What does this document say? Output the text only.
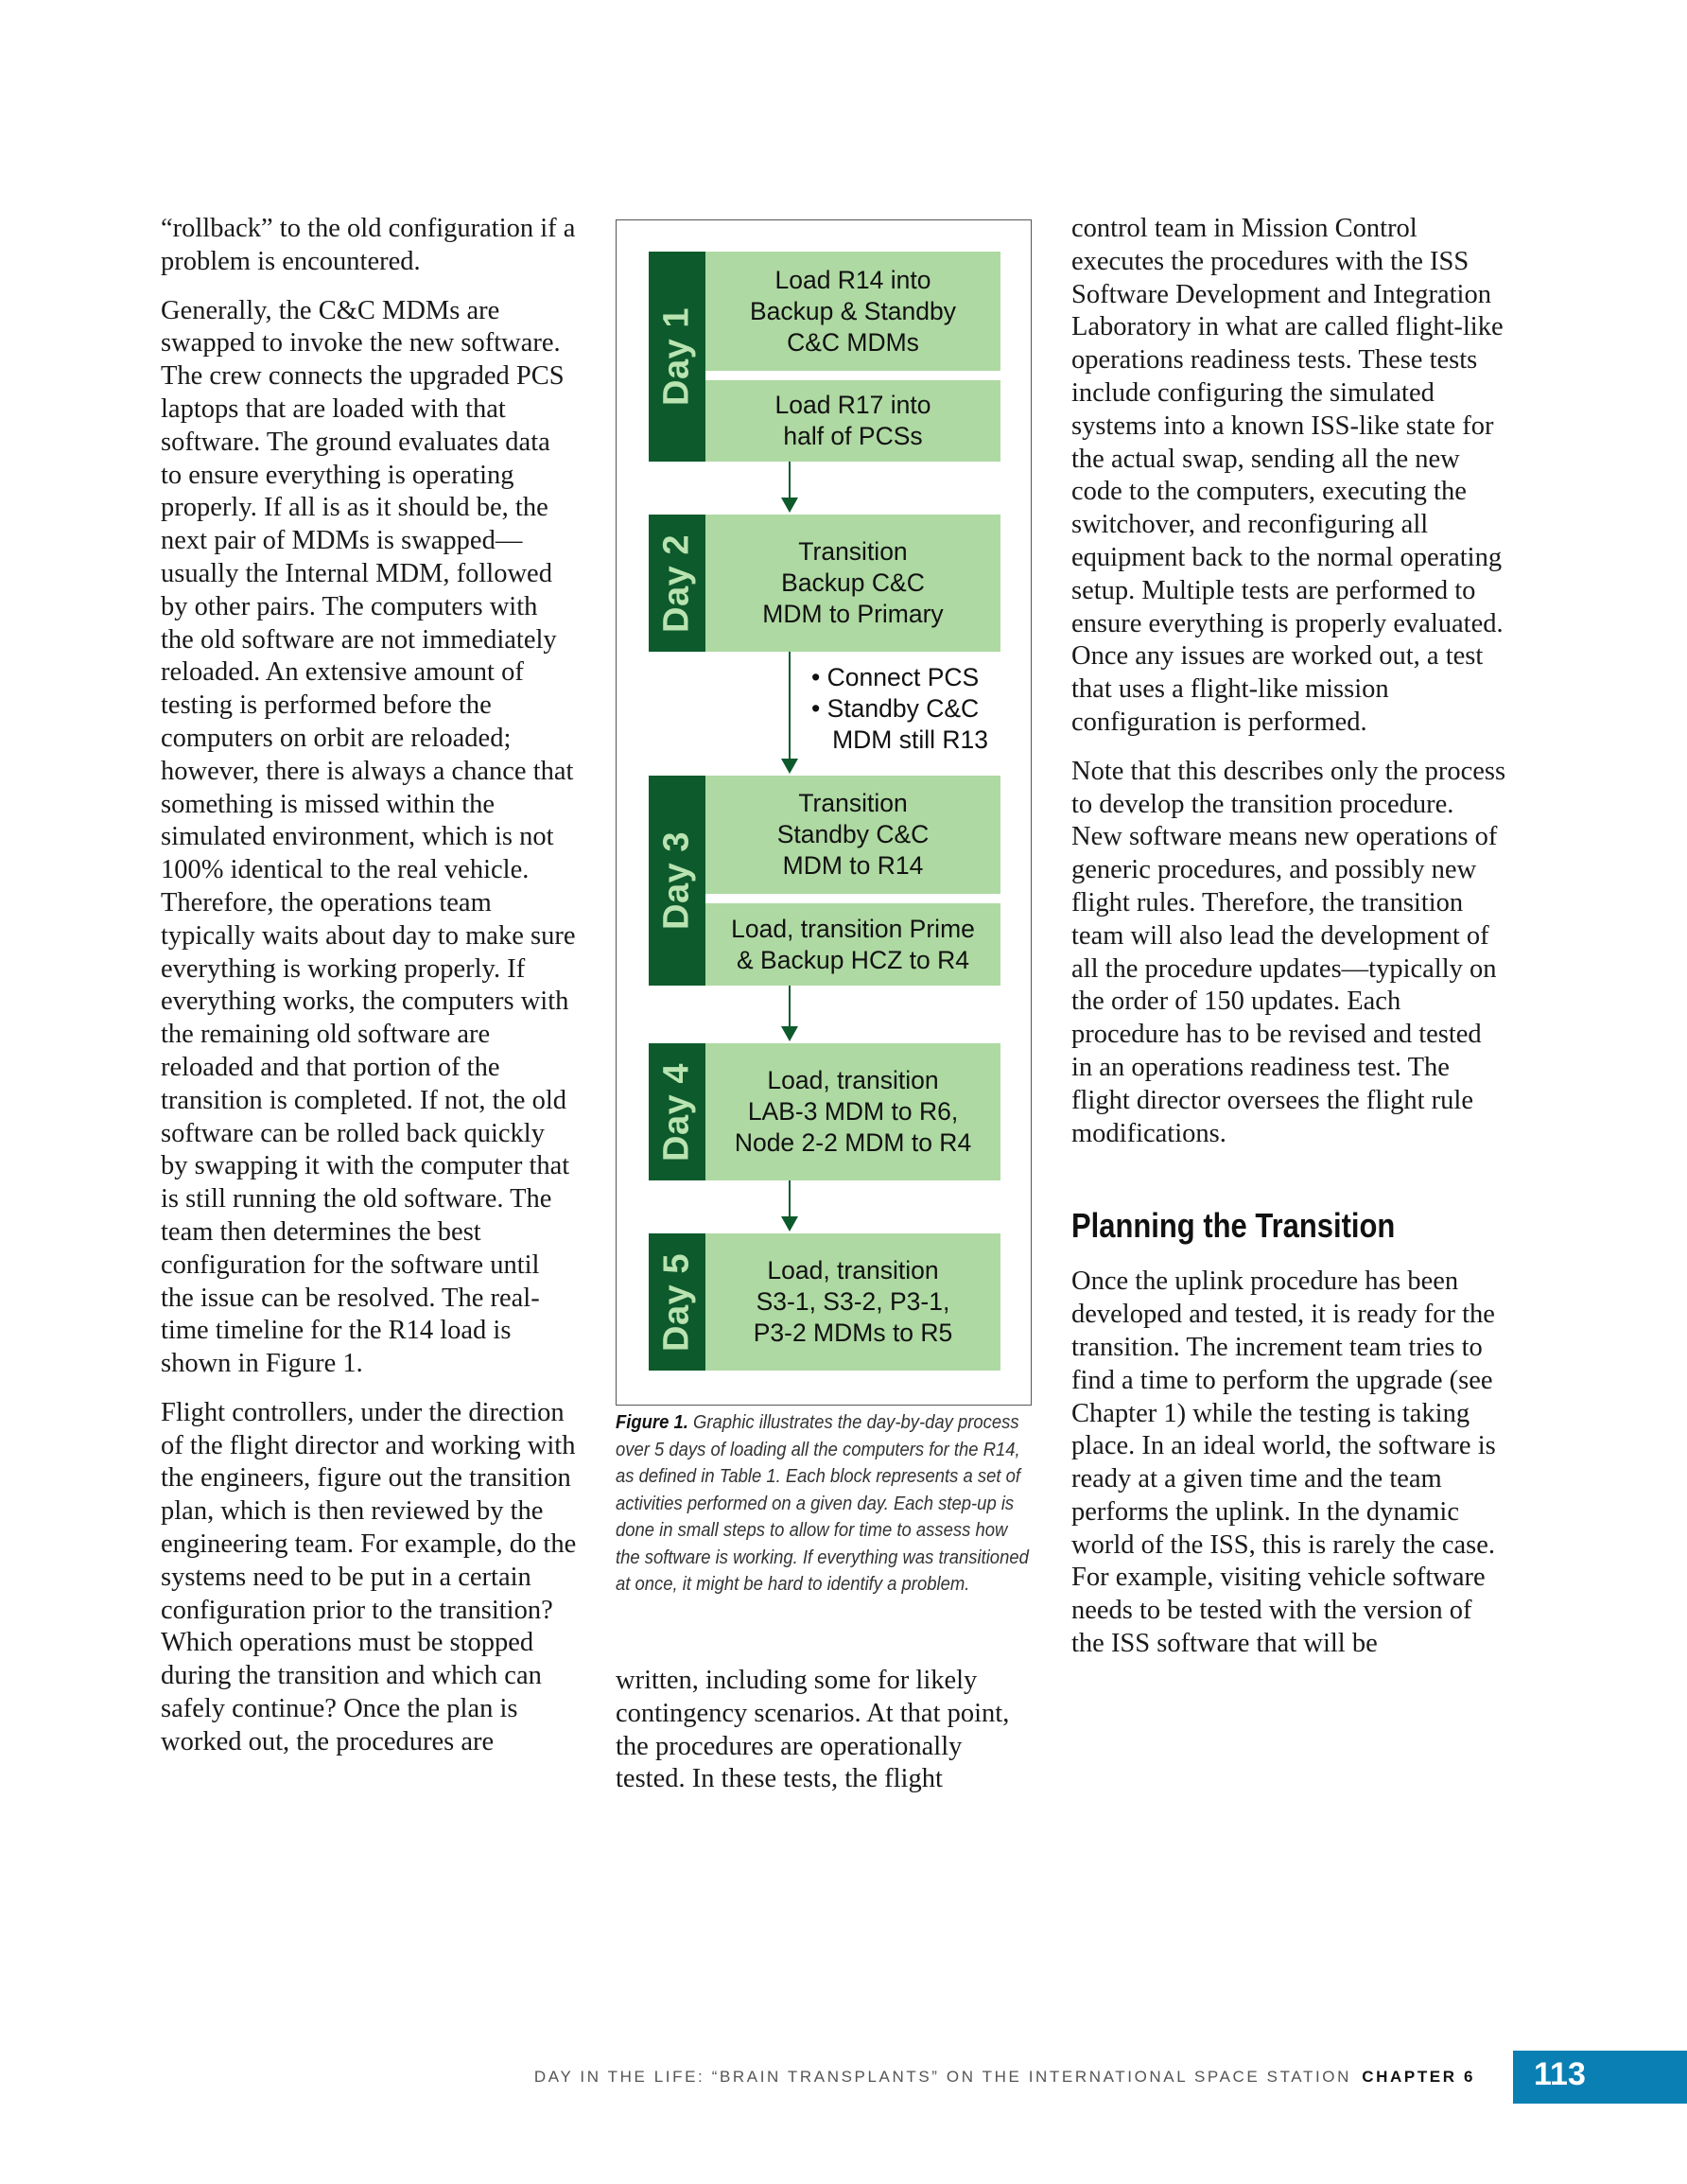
“rollback” to the old configuration if a problem is encountered.

Generally, the C&C MDMs are swapped to invoke the new software. The crew connects the upgraded PCS laptops that are loaded with that software. The ground evaluates data to ensure everything is operating properly. If all is as it should be, the next pair of MDMs is swapped—usually the Internal MDM, followed by other pairs. The computers with the old software are not immediately reloaded. An extensive amount of testing is performed before the computers on orbit are reloaded; however, there is always a chance that something is missed within the simulated environment, which is not 100% identical to the real vehicle. Therefore, the operations team typically waits about day to make sure everything is working properly. If everything works, the computers with the remaining old software are reloaded and that portion of the transition is completed. If not, the old software can be rolled back quickly by swapping it with the computer that is still running the old software. The team then determines the best configuration for the software until the issue can be resolved. The real-time timeline for the R14 load is shown in Figure 1.

Flight controllers, under the direction of the flight director and working with the engineers, figure out the transition plan, which is then reviewed by the engineering team. For example, do the systems need to be put in a certain configuration prior to the transition? Which operations must be stopped during the transition and which can safely continue? Once the plan is worked out, the procedures are

Day 1
Day 2
Day 3
Day 4
Day 5
Load R14 into
Backup & Standby
C&C MDMs
Load R17 into
half of PCSs
Transition
Backup C&C
MDM to Primary
Transition
Standby C&C
MDM to R14
Load, transition Prime
& Backup HCZ to R4
Load, transition
LAB-3 MDM to R6,
Node 2-2 MDM to R4
Load, transition
S3-1, S3-2, P3-1,
P3-2 MDMs to R5
• Connect PCS
• Standby C&C
MDM still R13
Figure 1. Graphic illustrates the day-by-day process over 5 days of loading all the computers for the R14, as defined in Table 1. Each block represents a set of activities performed on a given day. Each step-up is done in small steps to allow for time to assess how the software is working. If everything was transitioned at once, it might be hard to identify a problem.

written, including some for likely contingency scenarios. At that point, the procedures are operationally tested. In these tests, the flight

control team in Mission Control executes the procedures with the ISS Software Development and Integration Laboratory in what are called flight-like operations readiness tests. These tests include configuring the simulated systems into a known ISS-like state for the actual swap, sending all the new code to the computers, executing the switchover, and reconfiguring all equipment back to the normal operating setup. Multiple tests are performed to ensure everything is properly evaluated. Once any issues are worked out, a test that uses a flight-like mission configuration is performed.

Note that this describes only the process to develop the transition procedure. New software means new operations of generic procedures, and possibly new flight rules. Therefore, the transition team will also lead the development of all the procedure updates—typically on the order of 150 updates. Each procedure has to be revised and tested in an operations readiness test. The flight director oversees the flight rule modifications.

Planning the Transition

Once the uplink procedure has been developed and tested, it is ready for the transition. The increment team tries to find a time to perform the upgrade (see Chapter 1) while the testing is taking place. In an ideal world, the software is ready at a given time and the team performs the uplink. In the dynamic world of the ISS, this is rarely the case. For example, visiting vehicle software needs to be tested with the version of the ISS software that will be

DAY IN THE LIFE: “BRAIN TRANSPLANTS” ON THE INTERNATIONAL SPACE STATION CHAPTER 6 113
